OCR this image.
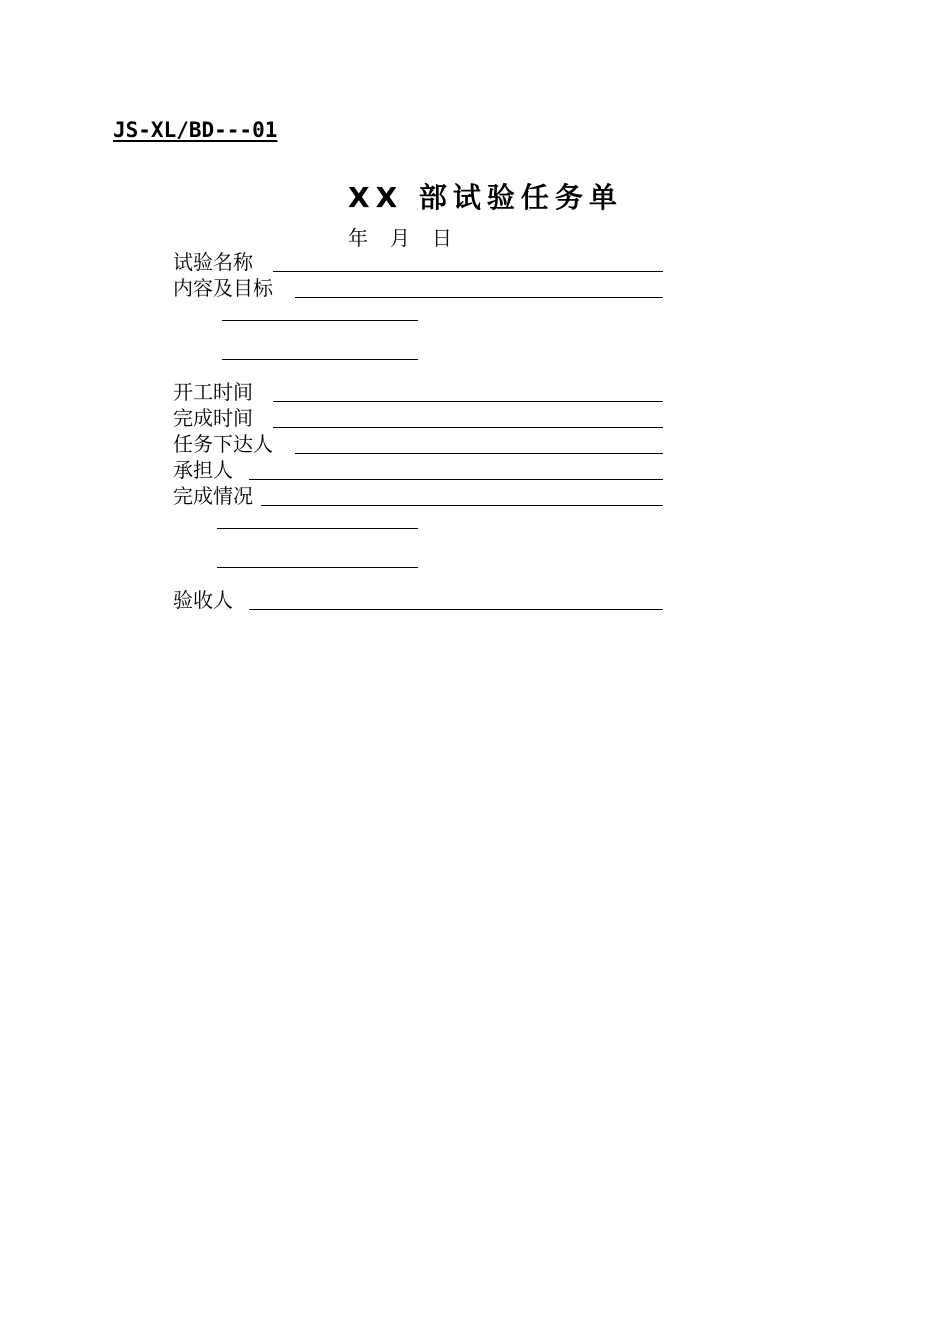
JS-XL/BD---01
XX 部试验任务单
年 月 日
试验名称
内容及目标
开工时间
完成时间
任务下达人
承担人
完成情况
验收人
